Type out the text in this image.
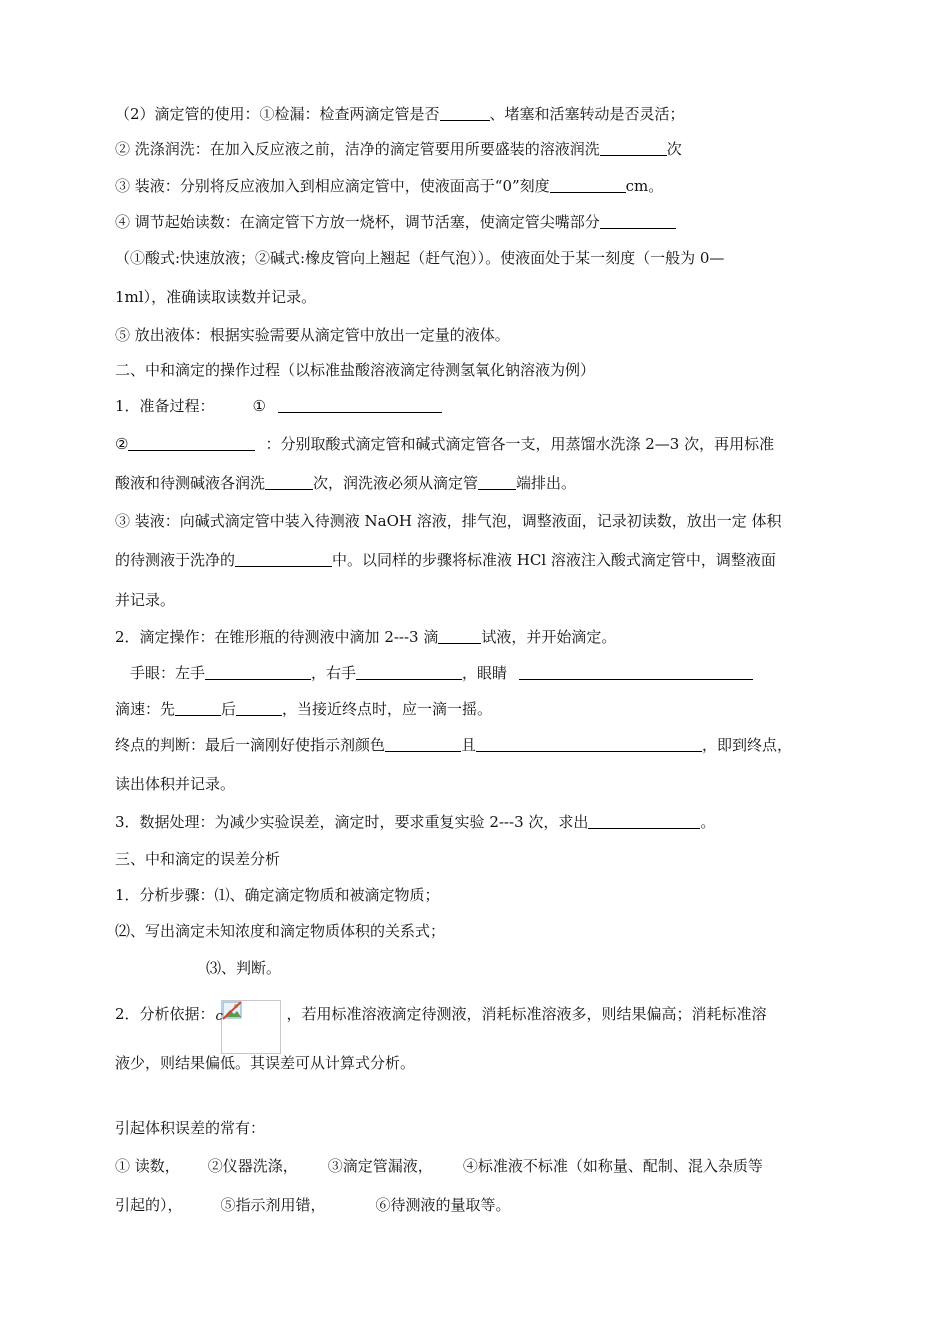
（2）滴定管的使用：①检漏：检查两滴定管是否	、堵塞和活塞转动是否灵活；
② 洗涤润洗：在加入反应液之前，洁净的滴定管要用所要盛装的溶液润洗	次
③ 装液：分别将反应液加入到相应滴定管中，使液面高于“0”刻度	cm。
④ 调节起始读数：在滴定管下方放一烧杯，调节活塞，使滴定管尖嘴部分
（①酸式:快速放液；②碱式:橡皮管向上翘起（赶气泡））。使液面处于某一刻度（一般为 0—
1ml），准确读取读数并记录。
⑤ 放出液体：根据实验需要从滴定管中放出一定量的液体。
二、中和滴定的操作过程（以标准盐酸溶液滴定待测氢氧化钠溶液为例）
1．准备过程：	①
②	：分别取酸式滴定管和碱式滴定管各一支，用蒸馏水洗涤 2—3 次，再用标准
酸液和待测碱液各润洗	次，润洗液必须从滴定管	端排出。
③ 装液：向碱式滴定管中装入待测液 NaOH 溶液，排气泡，调整液面，记录初读数，放出一定 体积
的待测液于洗净的	中。以同样的步骤将标准液 HCl 溶液注入酸式滴定管中，调整液面
并记录。
2．滴定操作：在锥形瓶的待测液中滴加 2---3 滴	试液，并开始滴定。
手眼：左手	，右手	，眼睛
滴速：先	后	，当接近终点时，应一滴一摇。
终点的判断：最后一滴刚好使指示剂颜色	且	，即到终点，
读出体积并记录。
3．数据处理：为减少实验误差，滴定时，要求重复实验 2---3 次，求出	。
三、中和滴定的误差分析
1．分析步骤：⑴、确定滴定物质和被滴定物质；
⑵、写出滴定未知浓度和滴定物质体积的关系式；
⑶、判断。
2．分析依据： c	，若用标准溶液滴定待测液，消耗标准溶液多，则结果偏高；消耗标准溶
液少，则结果偏低。其误差可从计算式分析。
引起体积误差的常有：
① 读数， ②仪器洗涤， ③滴定管漏液， ④标准液不标准（如称量、配制、混入杂质等
引起的），	⑤指示剂用错，	⑥待测液的量取等。
